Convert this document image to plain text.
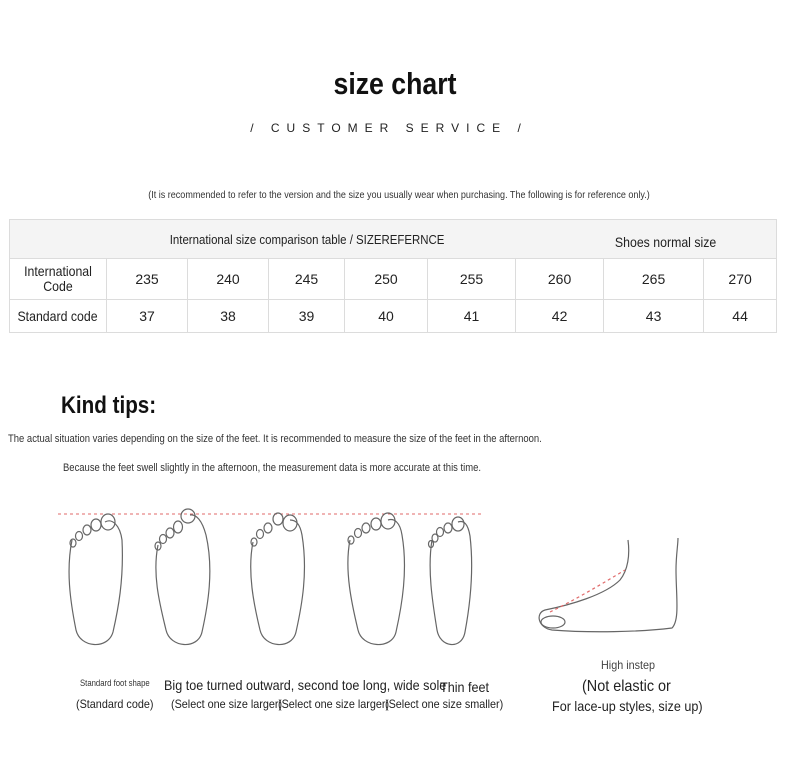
size chart
/ CUSTOMER SERVICE /
(It is recommended to refer to the version and the size you usually wear when purchasing. The following is for reference only.)
International size comparison table / SIZEREFERNCE						Shoes normal size		
International Code	235	240	245	250	255	260	265	270
Standard code	37	38	39	40	41	42	43	44
Kind tips:
The actual situation varies depending on the size of the feet. It is recommended to measure the size of the feet in the afternoon.
Because the feet swell slightly in the afternoon, the measurement data is more accurate at this time.
Standard foot shape
(Standard code)
Big toe turned outward, second toe long, wide sole
(Select one size larger)
(Select one size larger)
Thin feet
(Select one size smaller)
High instep
(Not elastic or
For lace-up styles, size up)
